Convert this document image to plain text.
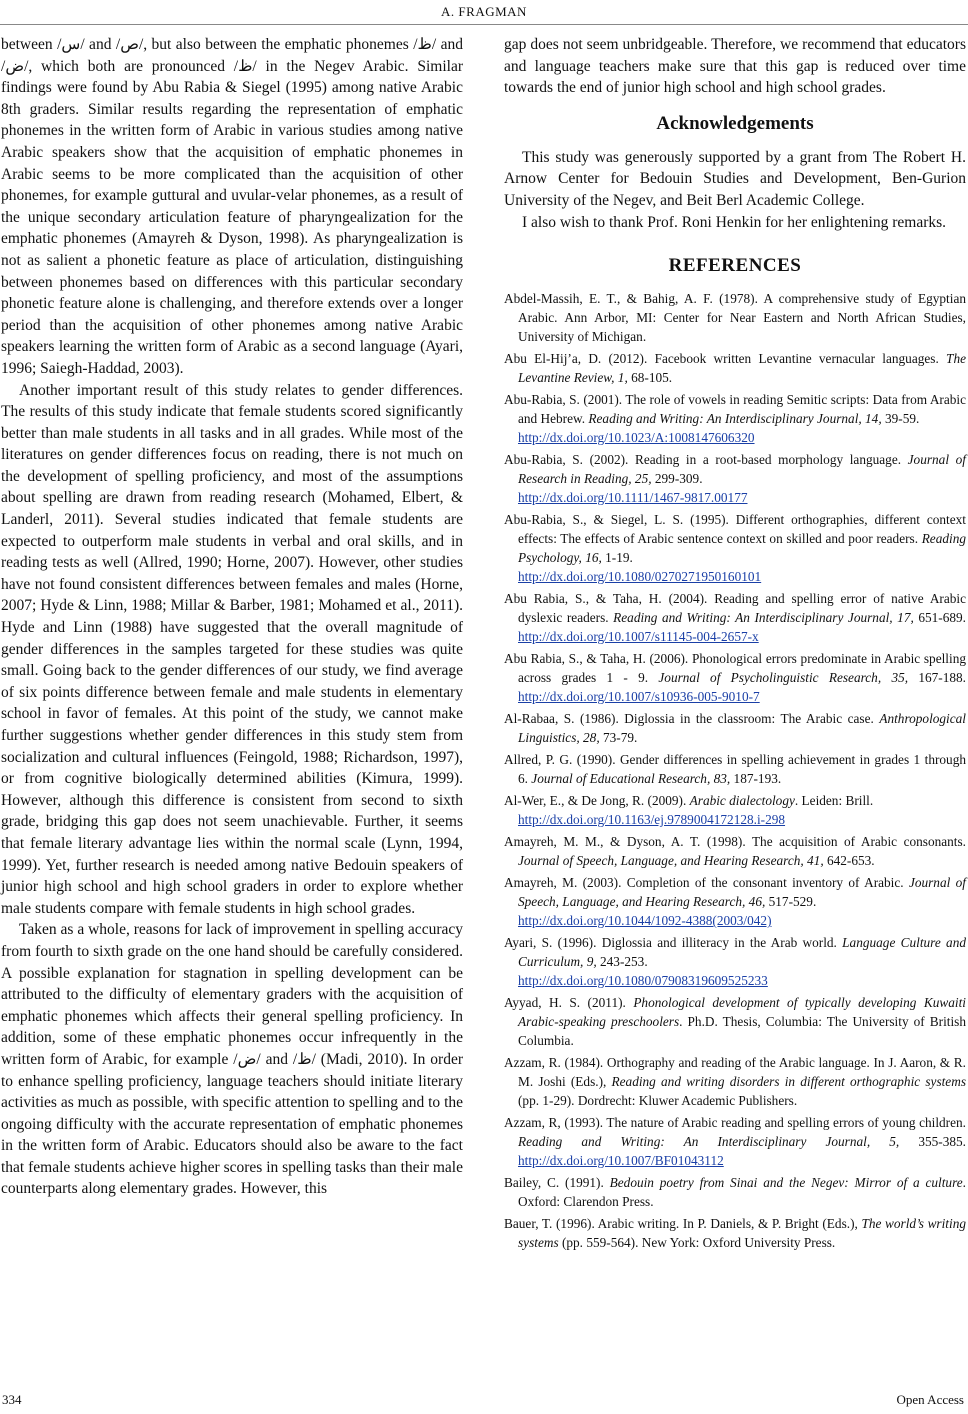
A. FRAGMAN

between /س/ and /ص/, but also between the emphatic phonemes /ظ/ and /ض/, which both are pronounced /ظ/ in the Negev Arabic. Similar findings were found by Abu Rabia & Siegel (1995) among native Arabic 8th graders. Similar results regarding the representation of emphatic phonemes in the written form of Arabic in various studies among native Arabic speakers show that the acquisition of emphatic phonemes in Arabic seems to be more complicated than the acquisition of other phonemes, for example guttural and uvular-velar phonemes, as a result of the unique secondary articulation feature of pharyngealization for the emphatic phonemes (Amayreh & Dyson, 1998). As pharyngealization is not as salient a phonetic feature as place of articulation, distinguishing between phonemes based on differences with this particular secondary phonetic feature alone is challenging, and therefore extends over a longer period than the acquisition of other phonemes among native Arabic speakers learning the written form of Arabic as a second language (Ayari, 1996; Saiegh-Haddad, 2003).

Another important result of this study relates to gender differences. The results of this study indicate that female students scored significantly better than male students in all tasks and in all grades. While most of the literatures on gender differences focus on reading, there is not much on the development of spelling proficiency, and most of the assumptions about spelling are drawn from reading research (Mohamed, Elbert, & Landerl, 2011). Several studies indicated that female students are expected to outperform male students in verbal and oral skills, and in reading tests as well (Allred, 1990; Horne, 2007). However, other studies have not found consistent differences between females and males (Horne, 2007; Hyde & Linn, 1988; Millar & Barber, 1981; Mohamed et al., 2011). Hyde and Linn (1988) have suggested that the overall magnitude of gender differences in the samples targeted for these studies was quite small. Going back to the gender differences of our study, we find average of six points difference between female and male students in elementary school in favor of females. At this point of the study, we cannot make further suggestions whether gender differences in this study stem from socialization and cultural influences (Feingold, 1988; Richardson, 1997), or from cognitive biologically determined abilities (Kimura, 1999). However, although this difference is consistent from second to sixth grade, bridging this gap does not seem unachievable. Further, it seems that female literary advantage lies within the normal scale (Lynn, 1994, 1999). Yet, further research is needed among native Bedouin speakers of junior high school and high school graders in order to explore whether male students compare with female students in high school grades.

Taken as a whole, reasons for lack of improvement in spelling accuracy from fourth to sixth grade on the one hand should be carefully considered. A possible explanation for stagnation in spelling development can be attributed to the difficulty of elementary graders with the acquisition of emphatic phonemes which affects their general spelling proficiency. In addition, some of these emphatic phonemes occur infrequently in the written form of Arabic, for example /ض/ and /ظ/ (Madi, 2010). In order to enhance spelling proficiency, language teachers should initiate literary activities as much as possible, with specific attention to spelling and to the ongoing difficulty with the accurate representation of emphatic phonemes in the written form of Arabic. Educators should also be aware to the fact that female students achieve higher scores in spelling tasks than their male counterparts along elementary grades. However, this

gap does not seem unbridgeable. Therefore, we recommend that educators and language teachers make sure that this gap is reduced over time towards the end of junior high school and high school grades.

Acknowledgements

This study was generously supported by a grant from The Robert H. Arnow Center for Bedouin Studies and Development, Ben-Gurion University of the Negev, and Beit Berl Academic College.

I also wish to thank Prof. Roni Henkin for her enlightening remarks.

REFERENCES

Abdel-Massih, E. T., & Bahig, A. F. (1978). A comprehensive study of Egyptian Arabic. Ann Arbor, MI: Center for Near Eastern and North African Studies, University of Michigan.

Abu El-Hij’a, D. (2012). Facebook written Levantine vernacular languages. The Levantine Review, 1, 68-105.

Abu-Rabia, S. (2001). The role of vowels in reading Semitic scripts: Data from Arabic and Hebrew. Reading and Writing: An Interdisciplinary Journal, 14, 39-59.
http://dx.doi.org/10.1023/A:1008147606320

Abu-Rabia, S. (2002). Reading in a root-based morphology language. Journal of Research in Reading, 25, 299-309.
http://dx.doi.org/10.1111/1467-9817.00177

Abu-Rabia, S., & Siegel, L. S. (1995). Different orthographies, different context effects: The effects of Arabic sentence context on skilled and poor readers. Reading Psychology, 16, 1-19.
http://dx.doi.org/10.1080/0270271950160101

Abu Rabia, S., & Taha, H. (2004). Reading and spelling error of native Arabic dyslexic readers. Reading and Writing: An Interdisciplinary Journal, 17, 651-689. http://dx.doi.org/10.1007/s11145-004-2657-x

Abu Rabia, S., & Taha, H. (2006). Phonological errors predominate in Arabic spelling across grades 1 - 9. Journal of Psycholinguistic Research, 35, 167-188. http://dx.doi.org/10.1007/s10936-005-9010-7

Al-Rabaa, S. (1986). Diglossia in the classroom: The Arabic case. Anthropological Linguistics, 28, 73-79.

Allred, P. G. (1990). Gender differences in spelling achievement in grades 1 through 6. Journal of Educational Research, 83, 187-193.

Al-Wer, E., & De Jong, R. (2009). Arabic dialectology. Leiden: Brill.
http://dx.doi.org/10.1163/ej.9789004172128.i-298

Amayreh, M. M., & Dyson, A. T. (1998). The acquisition of Arabic consonants. Journal of Speech, Language, and Hearing Research, 41, 642-653.

Amayreh, M. (2003). Completion of the consonant inventory of Arabic. Journal of Speech, Language, and Hearing Research, 46, 517-529.
http://dx.doi.org/10.1044/1092-4388(2003/042)

Ayari, S. (1996). Diglossia and illiteracy in the Arab world. Language Culture and Curriculum, 9, 243-253.
http://dx.doi.org/10.1080/07908319609525233

Ayyad, H. S. (2011). Phonological development of typically developing Kuwaiti Arabic-speaking preschoolers. Ph.D. Thesis, Columbia: The University of British Columbia.

Azzam, R. (1984). Orthography and reading of the Arabic language. In J. Aaron, & R. M. Joshi (Eds.), Reading and writing disorders in different orthographic systems (pp. 1-29). Dordrecht: Kluwer Academic Publishers.

Azzam, R, (1993). The nature of Arabic reading and spelling errors of young children. Reading and Writing: An Interdisciplinary Journal, 5, 355-385. http://dx.doi.org/10.1007/BF01043112

Bailey, C. (1991). Bedouin poetry from Sinai and the Negev: Mirror of a culture. Oxford: Clarendon Press.

Bauer, T. (1996). Arabic writing. In P. Daniels, & P. Bright (Eds.), The world’s writing systems (pp. 559-564). New York: Oxford University Press.

334	Open Access
